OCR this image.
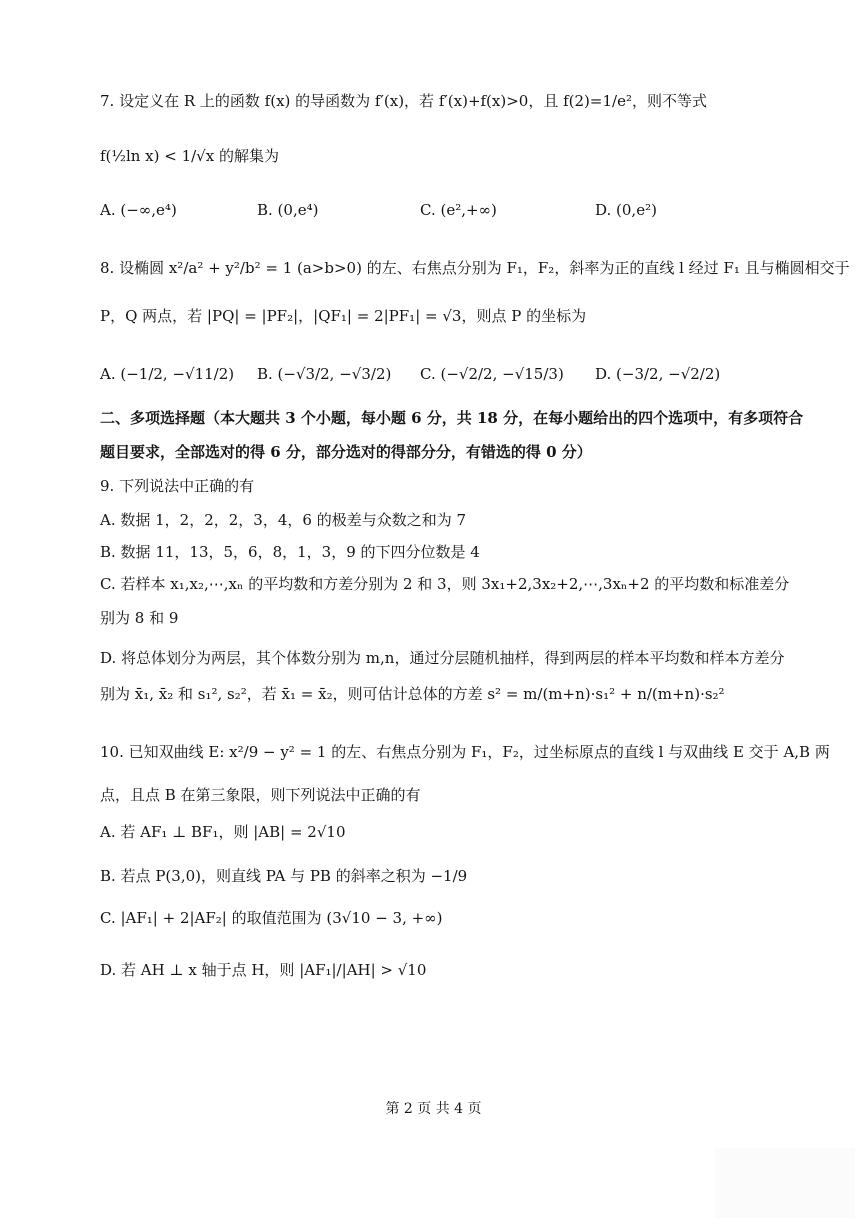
7. 设定义在 R 上的函数 f(x) 的导函数为 f′(x)，若 f′(x)+f(x)>0，且 f(2)=1/e²，则不等式
f(½ln x) < 1/√x 的解集为
A. (−∞,e⁴)	B. (0,e⁴)	C. (e²,+∞)	D. (0,e²)
8. 设椭圆 x²/a² + y²/b² = 1 (a>b>0) 的左、右焦点分别为 F₁，F₂，斜率为正的直线 l 经过 F₁ 且与椭圆相交于
P，Q 两点，若 |PQ| = |PF₂|，|QF₁| = 2|PF₁| = √3，则点 P 的坐标为
A. (−1/2, −√11/2) B. (−√3/2, −√3/2) C. (−√2/2, −√15/3) D. (−3/2, −√2/2)
二、多项选择题（本大题共 3 个小题，每小题 6 分，共 18 分，在每小题给出的四个选项中，有多项符合
题目要求，全部选对的得 6 分，部分选对的得部分分，有错选的得 0 分）
9. 下列说法中正确的有
A. 数据 1，2，2，2，3，4，6 的极差与众数之和为 7
B. 数据 11，13，5，6，8，1，3，9 的下四分位数是 4
C. 若样本 x₁,x₂,⋯,xₙ 的平均数和方差分别为 2 和 3，则 3x₁+2,3x₂+2,⋯,3xₙ+2 的平均数和标准差分
别为 8 和 9
D. 将总体划分为两层，其个体数分别为 m,n，通过分层随机抽样，得到两层的样本平均数和样本方差分
别为 x̄₁, x̄₂ 和 s₁², s₂²，若 x̄₁ = x̄₂，则可估计总体的方差 s² = m/(m+n)·s₁² + n/(m+n)·s₂²
10. 已知双曲线 E: x²/9 − y² = 1 的左、右焦点分别为 F₁，F₂，过坐标原点的直线 l 与双曲线 E 交于 A,B 两
点，且点 B 在第三象限，则下列说法中正确的有
A. 若 AF₁ ⊥ BF₁，则 |AB| = 2√10
B. 若点 P(3,0)，则直线 PA 与 PB 的斜率之积为 −1/9
C. |AF₁| + 2|AF₂| 的取值范围为 (3√10 − 3, +∞)
D. 若 AH ⊥ x 轴于点 H，则 |AF₁|/|AH| > √10
第 2 页 共 4 页
